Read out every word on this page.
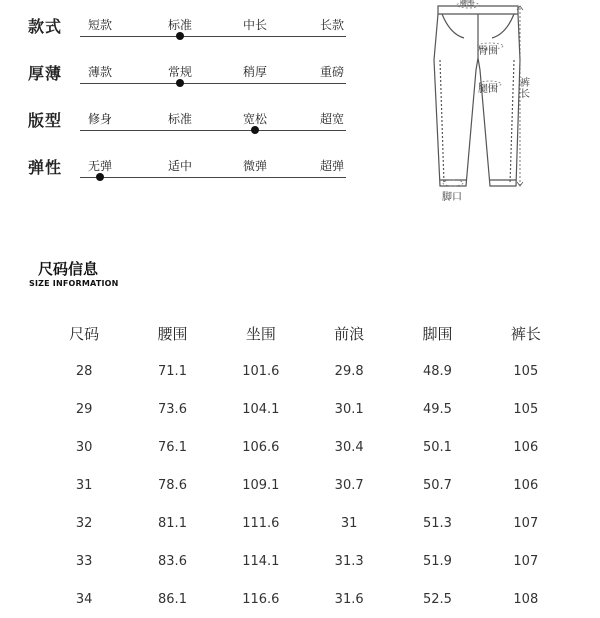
款式 短款	标准	中长	长款
厚薄 薄款	常规	稍厚	重磅
版型 修身	标准	宽松	超宽
弹性 无弹	适中	微弹	超弹
腰围
臀围
腿围
裤长
脚口
尺码信息
SIZE INFORMATION
尺码	腰围	坐围	前浪	脚围	裤长
28	71.1	101.6	29.8	48.9	105
29	73.6	104.1	30.1	49.5	105
30	76.1	106.6	30.4	50.1	106
31	78.6	109.1	30.7	50.7	106
32	81.1	111.6	31	51.3	107
33	83.6	114.1	31.3	51.9	107
34	86.1	116.6	31.6	52.5	108
